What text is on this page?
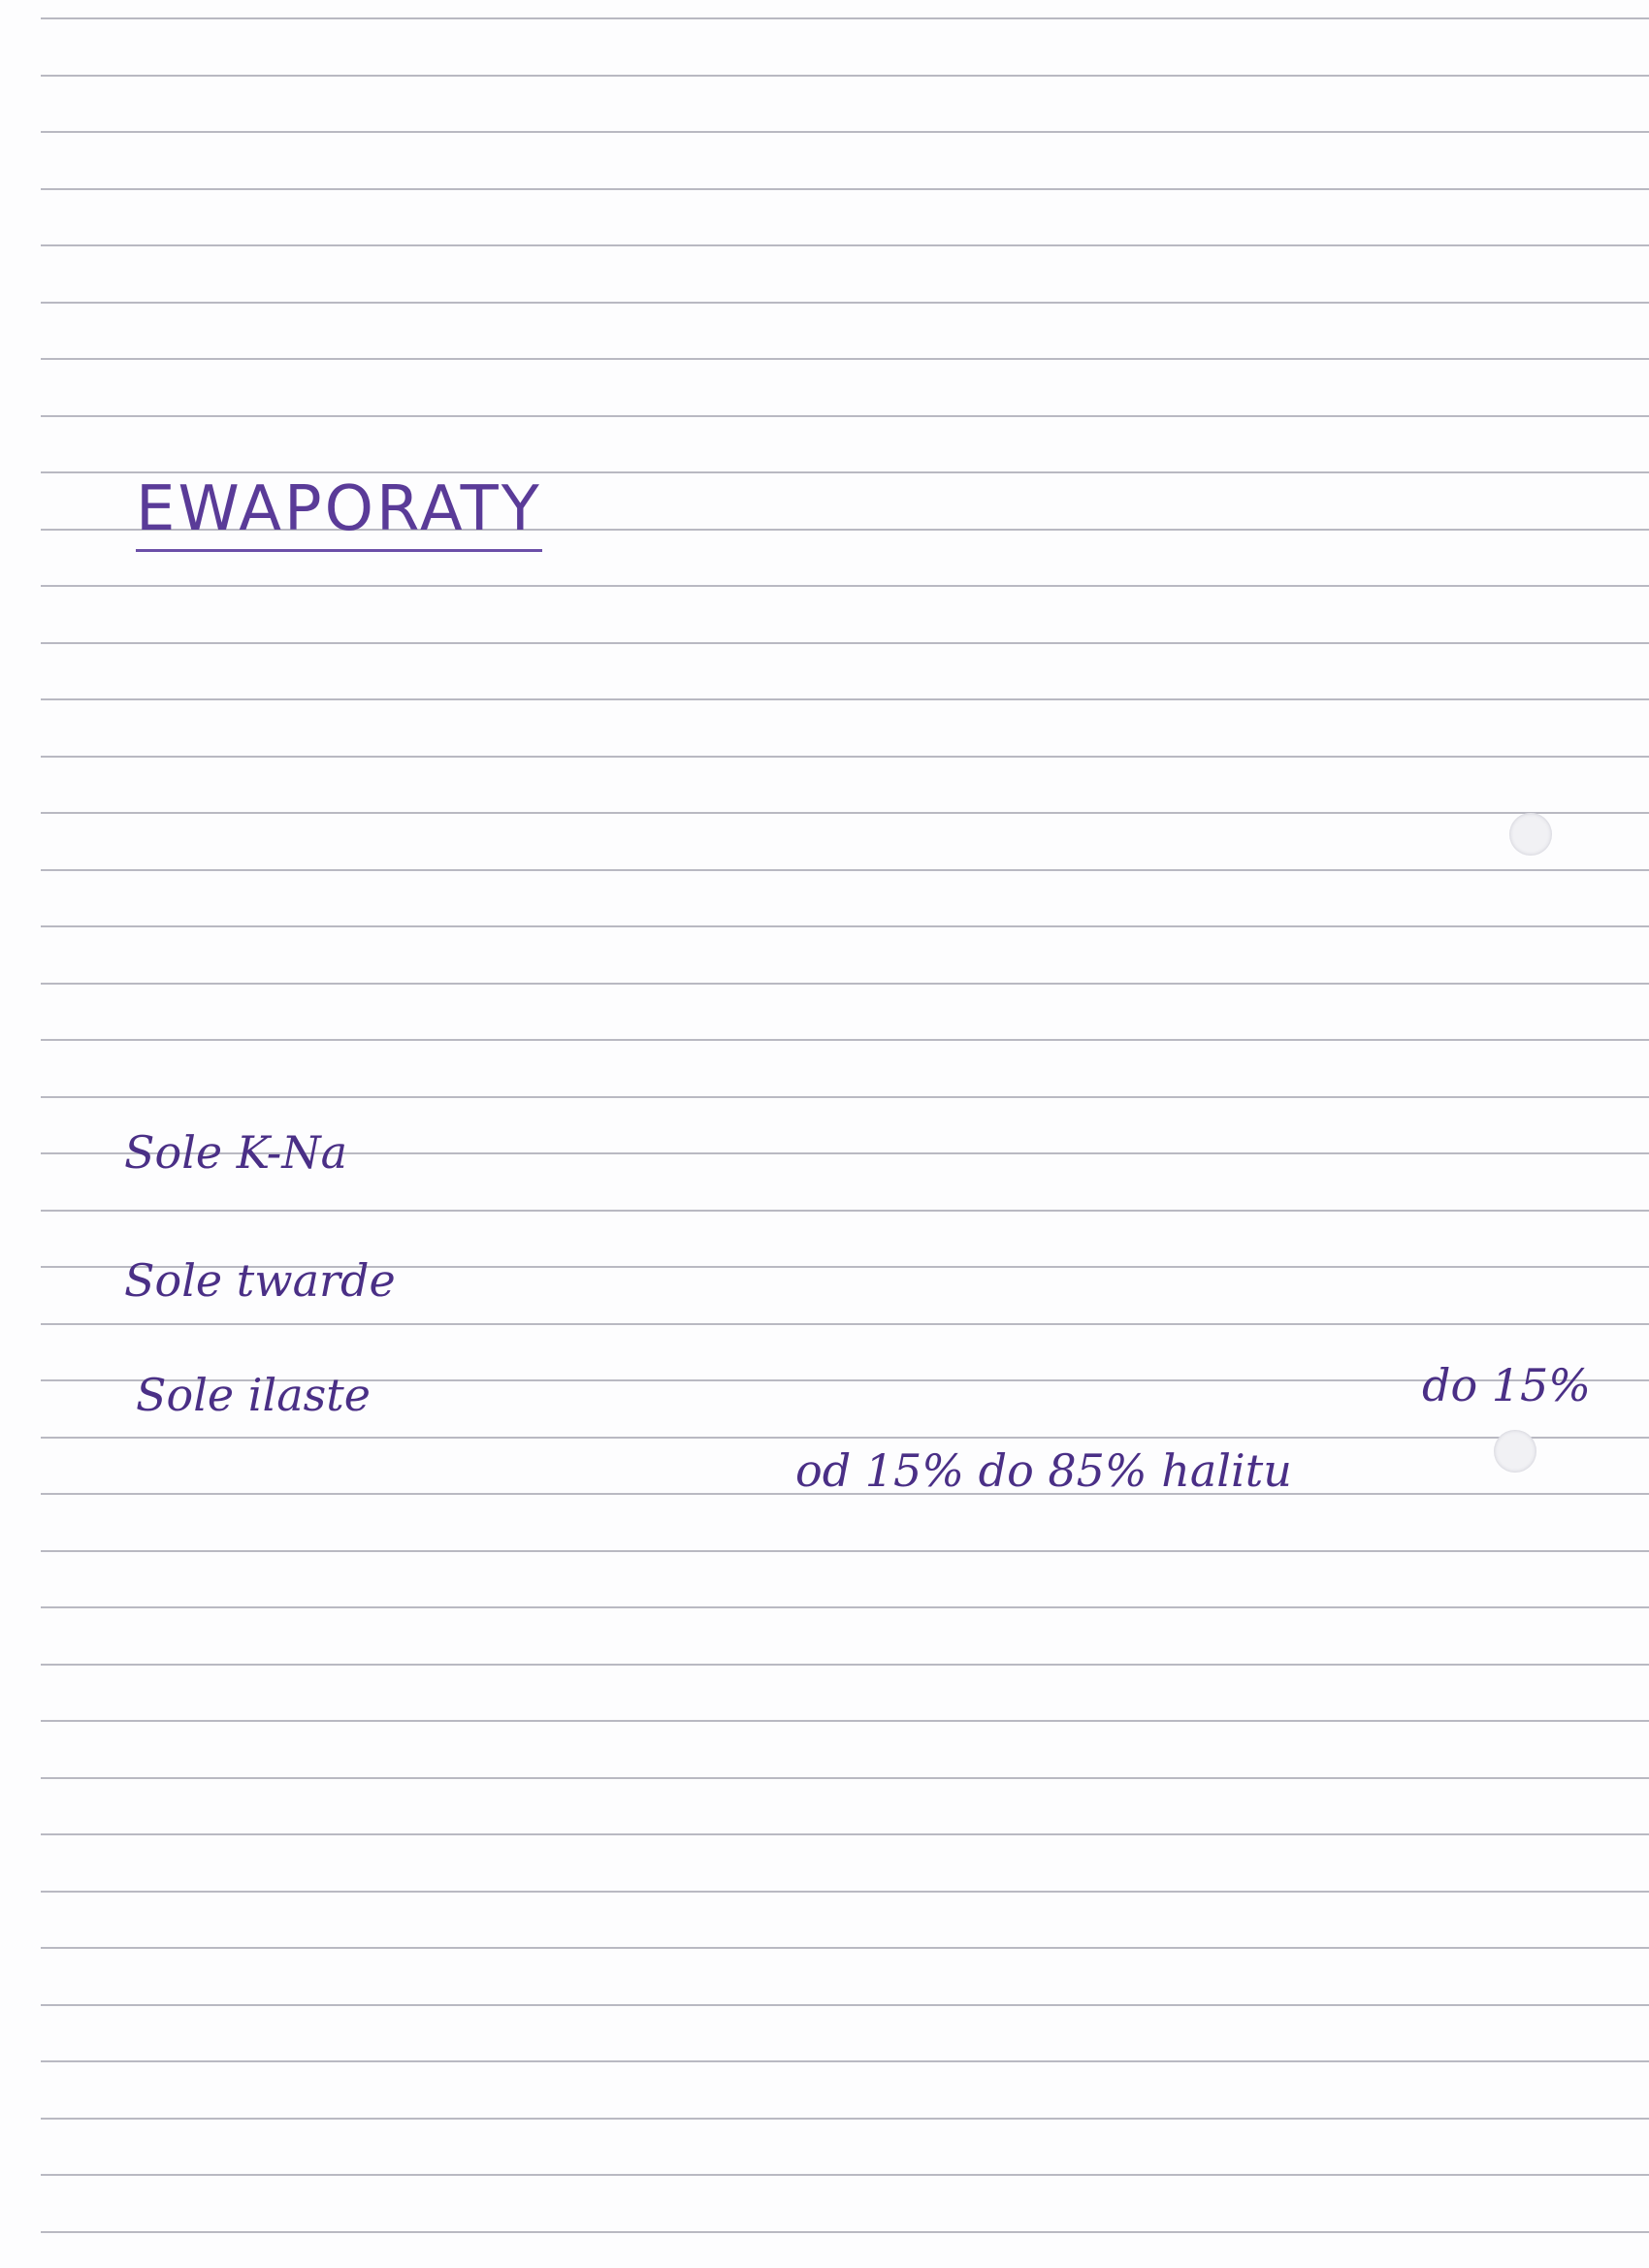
EWAPORATY
Sole K-Na
Sole twarde
Sole ilaste	do 15%
od 15% do 85% halitu
